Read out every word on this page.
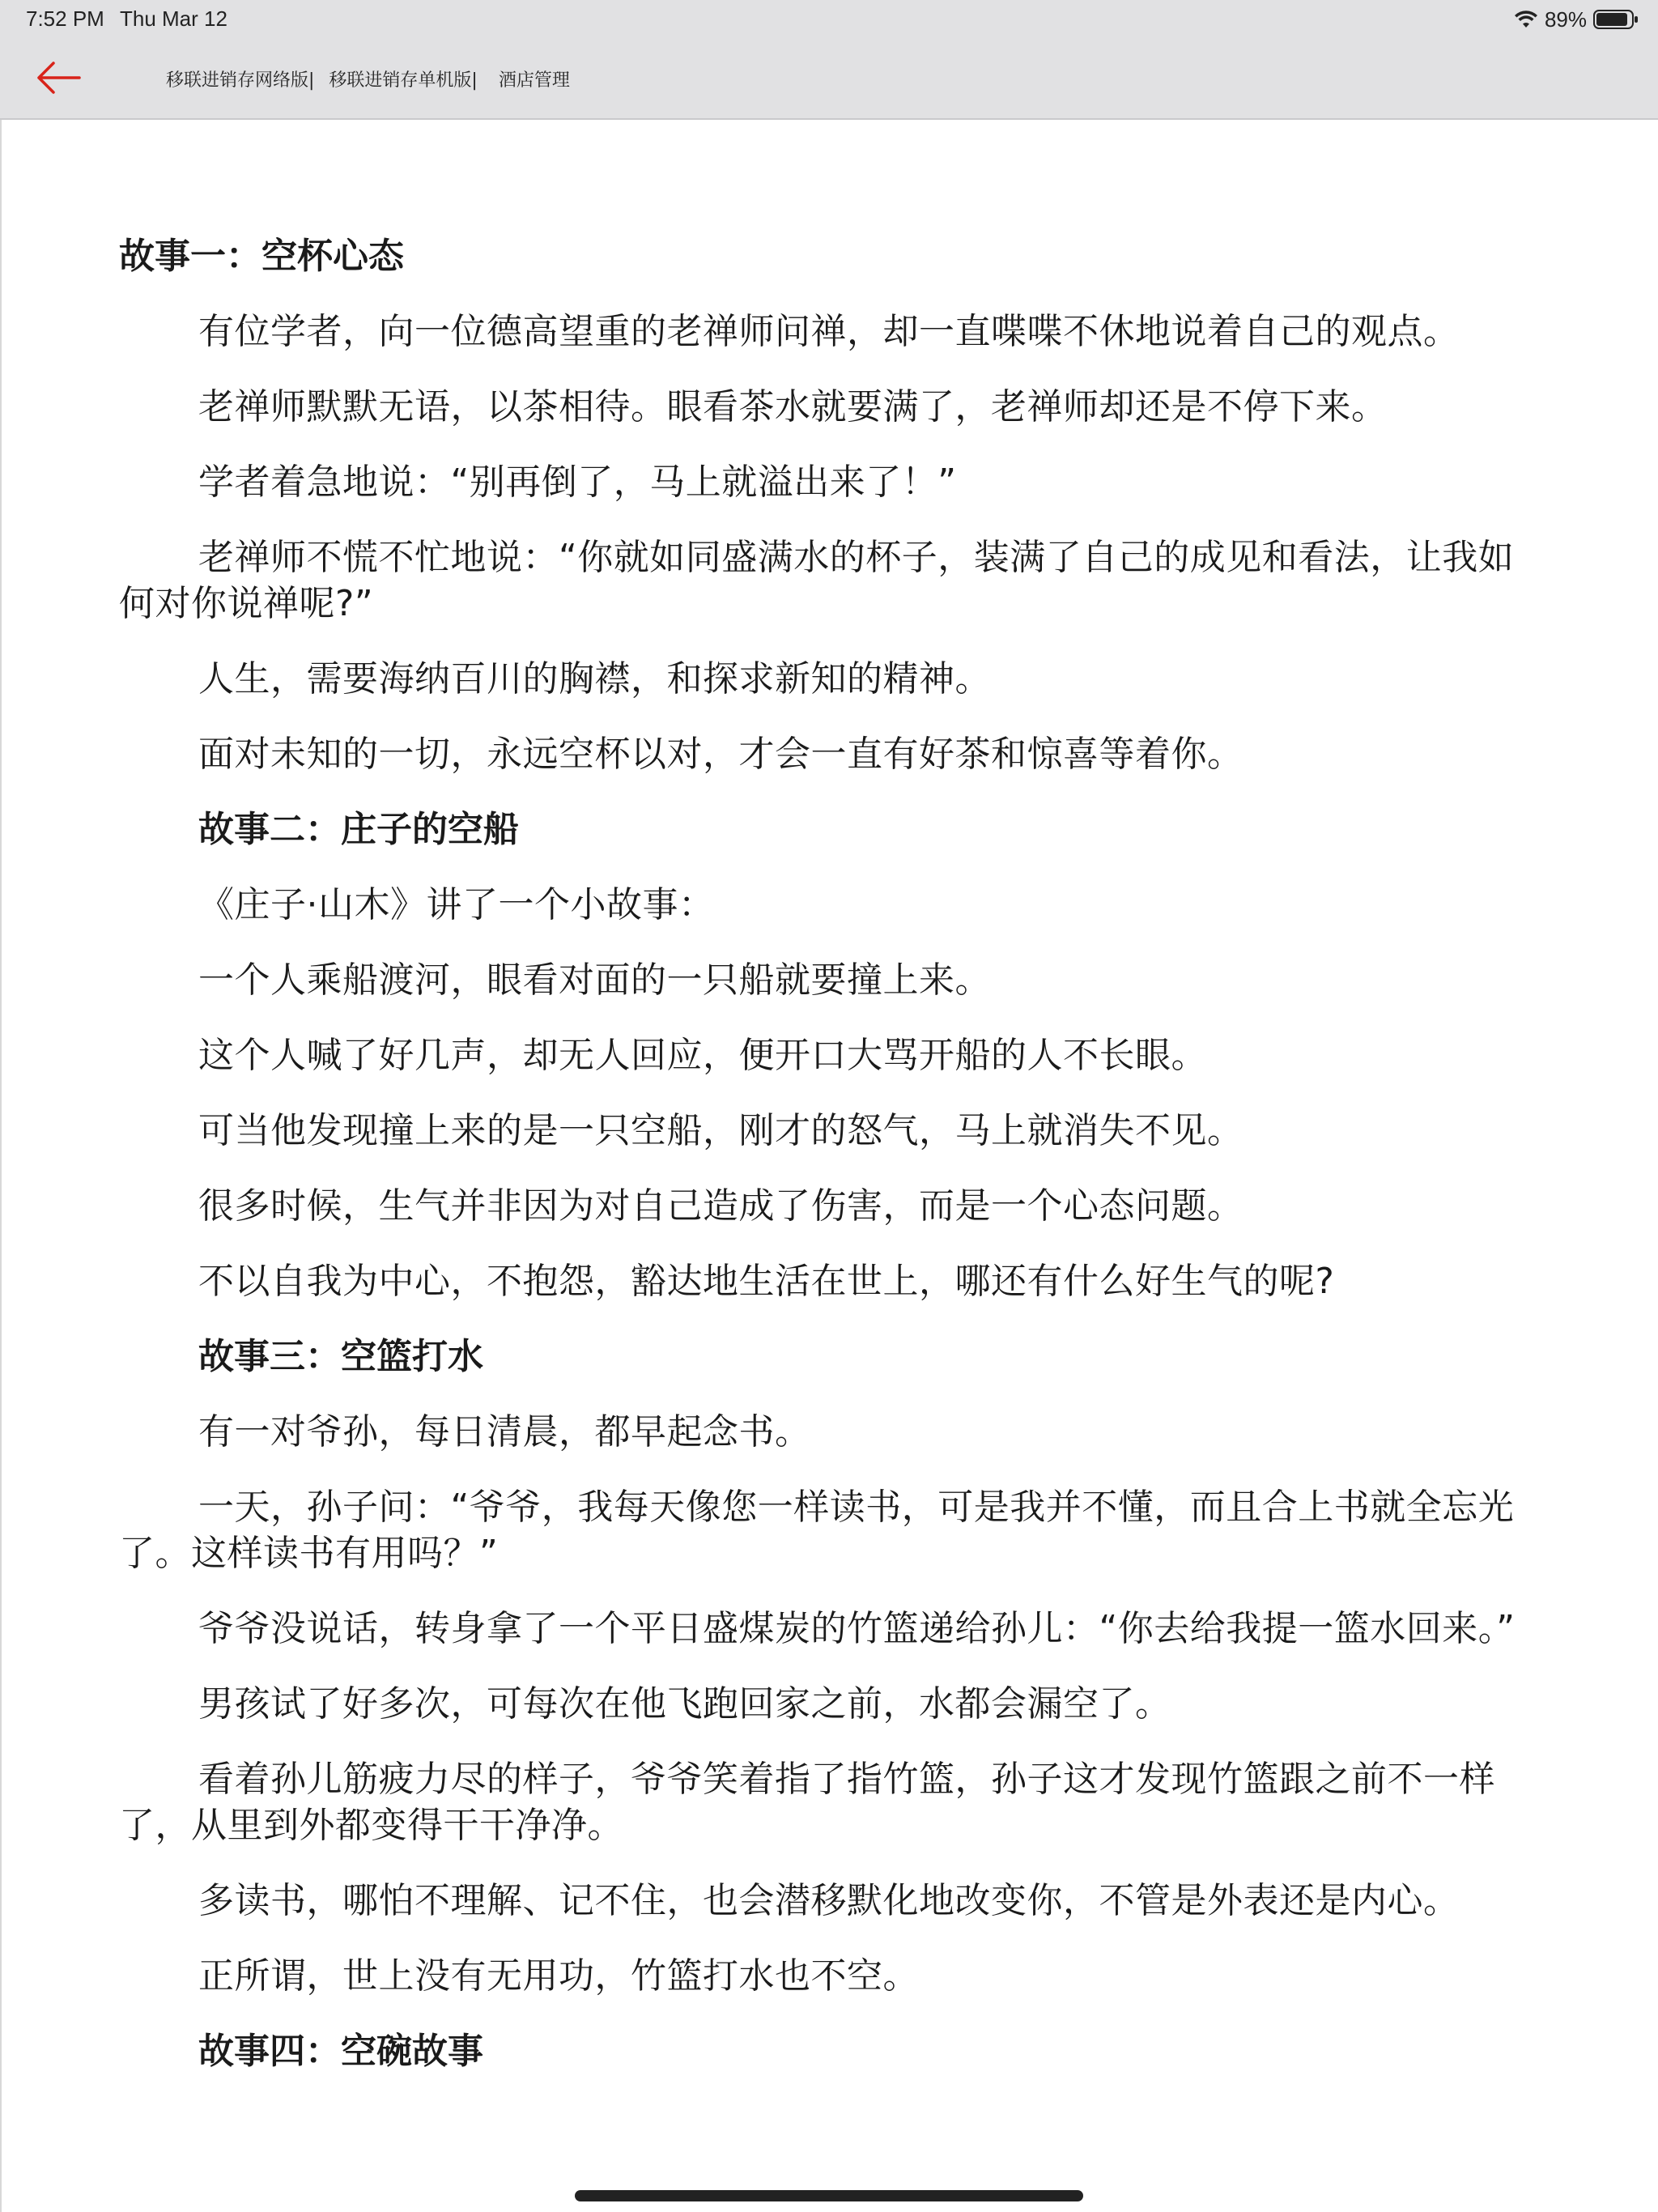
7:52 PM Thu Mar 12	89%
移联进销存网络版| 移联进销存单机版| 酒店管理

故事一：空杯心态

有位学者，向一位德高望重的老禅师问禅，却一直喋喋不休地说着自己的观点。

老禅师默默无语，以茶相待。眼看茶水就要满了，老禅师却还是不停下来。

学者着急地说：“别再倒了，马上就溢出来了！”

老禅师不慌不忙地说：“你就如同盛满水的杯子，装满了自己的成见和看法，让我如何对你说禅呢?”

人生，需要海纳百川的胸襟，和探求新知的精神。

面对未知的一切，永远空杯以对，才会一直有好茶和惊喜等着你。

故事二：庄子的空船

《庄子·山木》讲了一个小故事：

一个人乘船渡河，眼看对面的一只船就要撞上来。

这个人喊了好几声，却无人回应，便开口大骂开船的人不长眼。

可当他发现撞上来的是一只空船，刚才的怒气，马上就消失不见。

很多时候，生气并非因为对自己造成了伤害，而是一个心态问题。

不以自我为中心，不抱怨，豁达地生活在世上，哪还有什么好生气的呢?

故事三：空篮打水

有一对爷孙，每日清晨，都早起念书。

一天，孙子问：“爷爷，我每天像您一样读书，可是我并不懂，而且合上书就全忘光了。这样读书有用吗？”

爷爷没说话，转身拿了一个平日盛煤炭的竹篮递给孙儿：“你去给我提一篮水回来。”

男孩试了好多次，可每次在他飞跑回家之前，水都会漏空了。

看着孙儿筋疲力尽的样子，爷爷笑着指了指竹篮，孙子这才发现竹篮跟之前不一样了，从里到外都变得干干净净。

多读书，哪怕不理解、记不住，也会潜移默化地改变你，不管是外表还是内心。

正所谓，世上没有无用功，竹篮打水也不空。

故事四：空碗故事
